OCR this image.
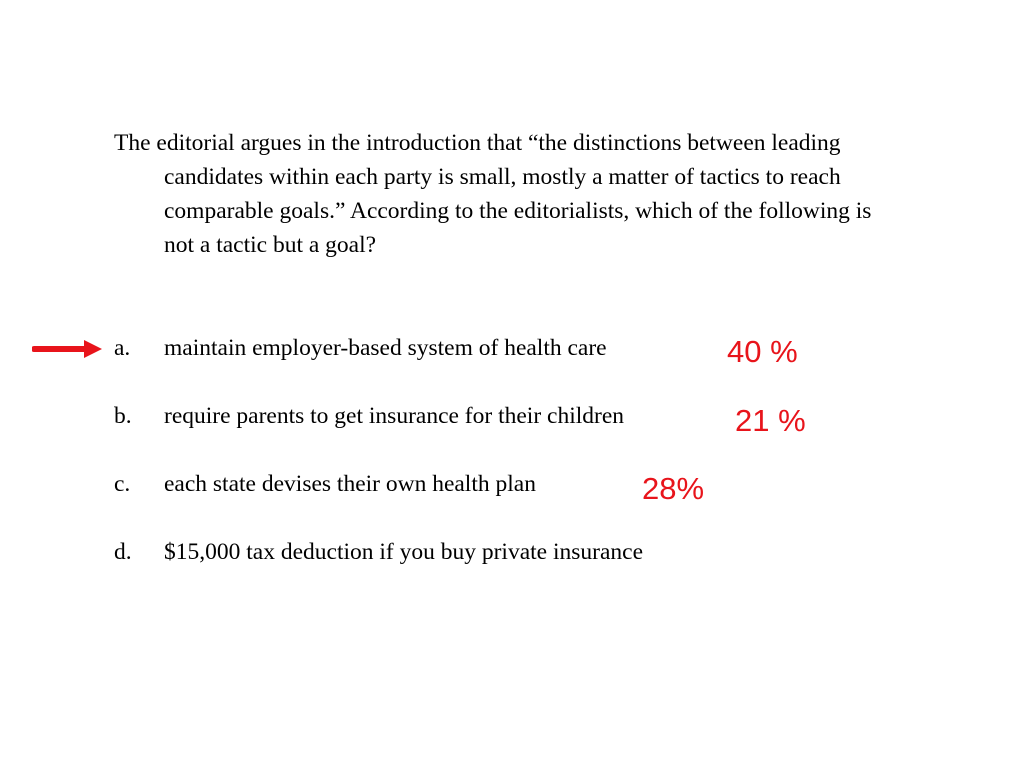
The editorial argues in the introduction that “the distinctions between leading candidates within each party is small, mostly a matter of tactics to reach comparable goals.” According to the editorialists, which of the following is not a tactic but a goal?

a. maintain employer-based system of health care	40 %
b. require parents to get insurance for their children	21 %
c. each state devises their own health plan	28%
d. $15,000 tax deduction if you buy private insurance
